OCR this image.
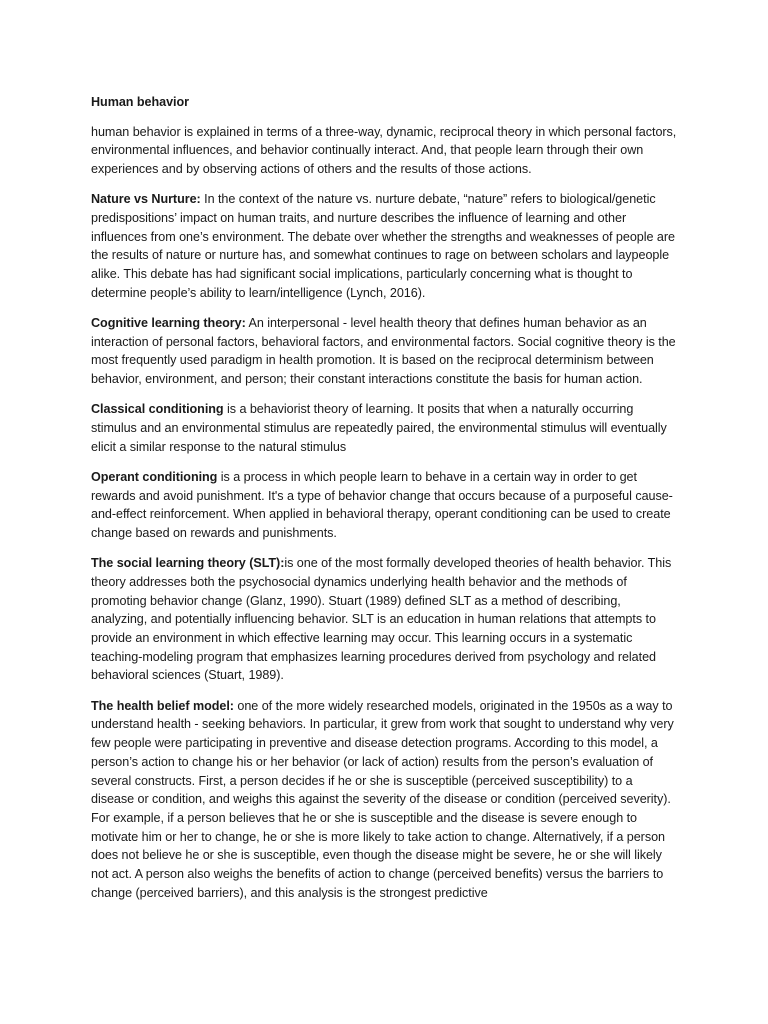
Human behavior

human behavior is explained in terms of a three-way, dynamic, reciprocal theory in which personal factors, environmental influences, and behavior continually interact. And, that people learn through their own experiences and by observing actions of others and the results of those actions.

Nature vs Nurture: In the context of the nature vs. nurture debate, “nature” refers to biological/genetic predispositions’ impact on human traits, and nurture describes the influence of learning and other influences from one’s environment. The debate over whether the strengths and weaknesses of people are the results of nature or nurture has, and somewhat continues to rage on between scholars and laypeople alike. This debate has had significant social implications, particularly concerning what is thought to determine people’s ability to learn/intelligence (Lynch, 2016).

Cognitive learning theory: An interpersonal - level health theory that defines human behavior as an interaction of personal factors, behavioral factors, and environmental factors. Social cognitive theory is the most frequently used paradigm in health promotion. It is based on the reciprocal determinism between behavior, environment, and person; their constant interactions constitute the basis for human action.

Classical conditioning is a behaviorist theory of learning. It posits that when a naturally occurring stimulus and an environmental stimulus are repeatedly paired, the environmental stimulus will eventually elicit a similar response to the natural stimulus

Operant conditioning is a process in which people learn to behave in a certain way in order to get rewards and avoid punishment. It's a type of behavior change that occurs because of a purposeful cause-and-effect reinforcement. When applied in behavioral therapy, operant conditioning can be used to create change based on rewards and punishments.

The social learning theory (SLT):is one of the most formally developed theories of health behavior. This theory addresses both the psychosocial dynamics underlying health behavior and the methods of promoting behavior change (Glanz, 1990). Stuart (1989) defined SLT as a method of describing, analyzing, and potentially influencing behavior. SLT is an education in human relations that attempts to provide an environment in which effective learning may occur. This learning occurs in a systematic teaching-modeling program that emphasizes learning procedures derived from psychology and related behavioral sciences (Stuart, 1989).

The health belief model: one of the more widely researched models, originated in the 1950s as a way to understand health - seeking behaviors. In particular, it grew from work that sought to understand why very few people were participating in preventive and disease detection programs. According to this model, a person’s action to change his or her behavior (or lack of action) results from the person’s evaluation of several constructs. First, a person decides if he or she is susceptible (perceived susceptibility) to a disease or condition, and weighs this against the severity of the disease or condition (perceived severity). For example, if a person believes that he or she is susceptible and the disease is severe enough to motivate him or her to change, he or she is more likely to take action to change. Alternatively, if a person does not believe he or she is susceptible, even though the disease might be severe, he or she will likely not act. A person also weighs the benefits of action to change (perceived benefits) versus the barriers to change (perceived barriers), and this analysis is the strongest predictive
